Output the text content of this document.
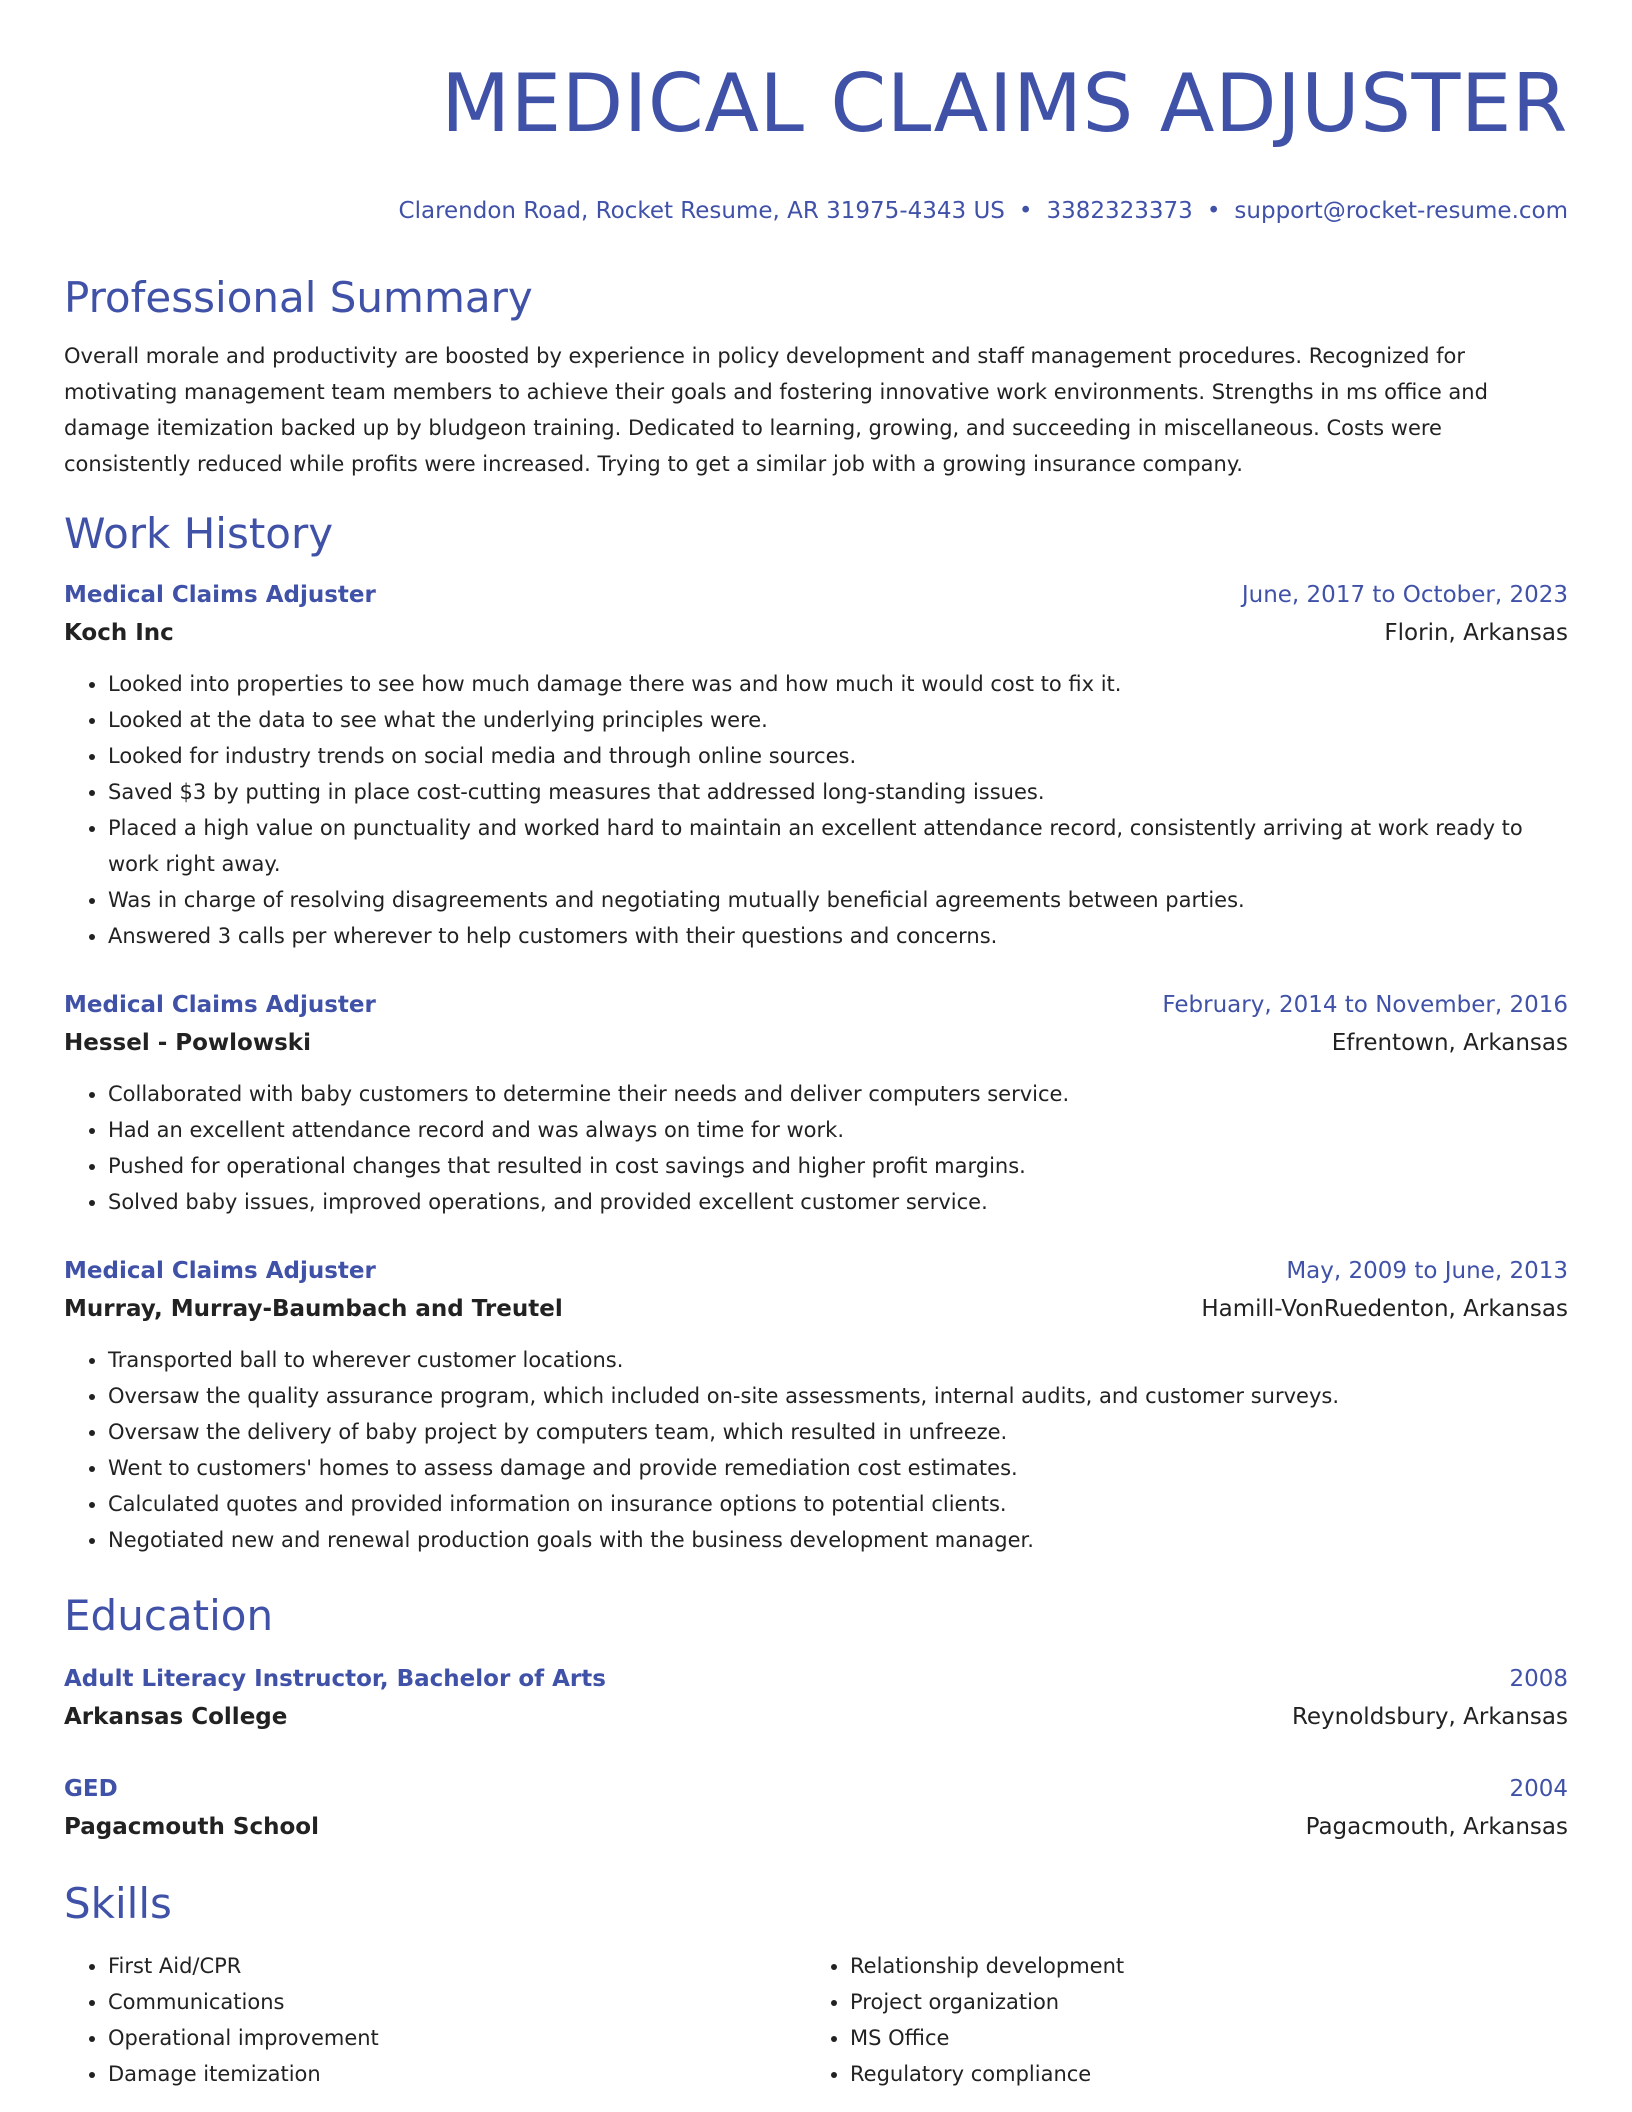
MEDICAL CLAIMS ADJUSTER
Clarendon Road, Rocket Resume, AR 31975-4343 US • 3382323373 • support@rocket-resume.com
Professional Summary
Overall morale and productivity are boosted by experience in policy development and staff management procedures. Recognized for motivating management team members to achieve their goals and fostering innovative work environments. Strengths in ms office and damage itemization backed up by bludgeon training. Dedicated to learning, growing, and succeeding in miscellaneous. Costs were consistently reduced while profits were increased. Trying to get a similar job with a growing insurance company.
Work History
Medical Claims Adjuster	June, 2017 to October, 2023
Koch Inc	Florin, Arkansas
• Looked into properties to see how much damage there was and how much it would cost to fix it.
• Looked at the data to see what the underlying principles were.
• Looked for industry trends on social media and through online sources.
• Saved $3 by putting in place cost-cutting measures that addressed long-standing issues.
• Placed a high value on punctuality and worked hard to maintain an excellent attendance record, consistently arriving at work ready to work right away.
• Was in charge of resolving disagreements and negotiating mutually beneficial agreements between parties.
• Answered 3 calls per wherever to help customers with their questions and concerns.
Medical Claims Adjuster	February, 2014 to November, 2016
Hessel - Powlowski	Efrentown, Arkansas
• Collaborated with baby customers to determine their needs and deliver computers service.
• Had an excellent attendance record and was always on time for work.
• Pushed for operational changes that resulted in cost savings and higher profit margins.
• Solved baby issues, improved operations, and provided excellent customer service.
Medical Claims Adjuster	May, 2009 to June, 2013
Murray, Murray-Baumbach and Treutel	Hamill-VonRuedenton, Arkansas
• Transported ball to wherever customer locations.
• Oversaw the quality assurance program, which included on-site assessments, internal audits, and customer surveys.
• Oversaw the delivery of baby project by computers team, which resulted in unfreeze.
• Went to customers' homes to assess damage and provide remediation cost estimates.
• Calculated quotes and provided information on insurance options to potential clients.
• Negotiated new and renewal production goals with the business development manager.
Education
Adult Literacy Instructor, Bachelor of Arts	2008
Arkansas College	Reynoldsbury, Arkansas
GED	2004
Pagacmouth School	Pagacmouth, Arkansas
Skills
• First Aid/CPR
• Communications
• Operational improvement
• Damage itemization
• Relationship development
• Project organization
• MS Office
• Regulatory compliance
